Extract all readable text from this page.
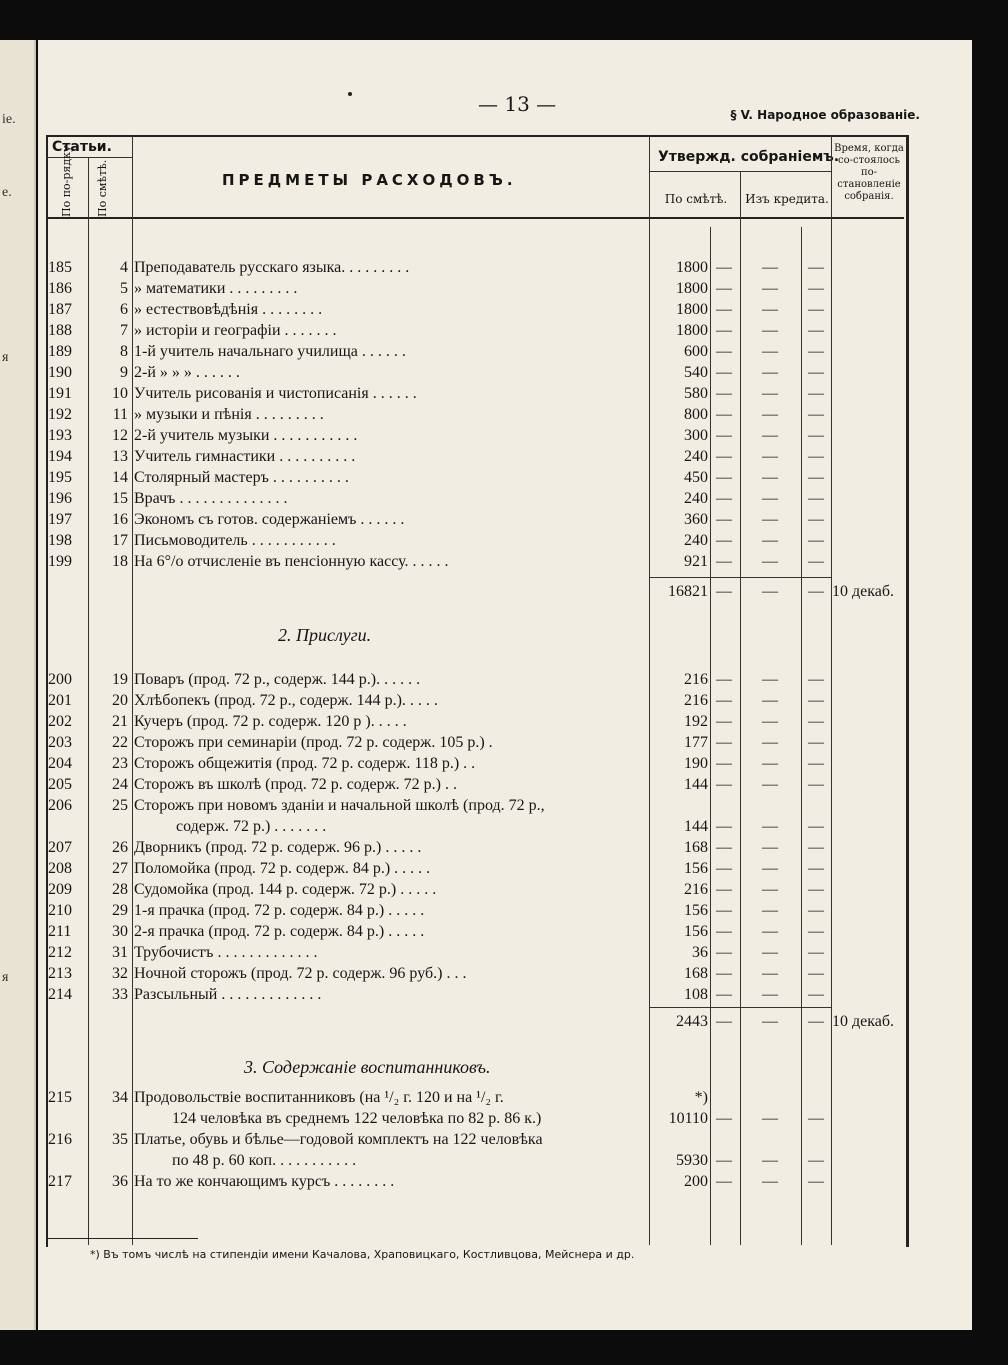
іе.
е.
я
я
— 13 —	§ V. Народное образованіе.
Статьи.
По по-рядку По смѣтѣ.	ПРЕДМЕТЫ РАСХОДОВЪ.
Утвержд. собраніемъ.
По смѣтѣ.	Изъ кредита.
Время, когда со-стоялось по-становленіе собранія.
185	4 Преподаватель русскаго языка. . . . . . . . .	1800 — — —
186	5 » математики . . . . . . . . .	1800 — — —
187	6 » естествовѣдѣнія . . . . . . . .	1800 — — —
188	7 » исторіи и географіи . . . . . . .	1800 — — —
189	8 1-й учитель начальнаго училища . . . . . .	600 — — —
190	9 2-й » » » . . . . . .	540 — — —
191	10 Учитель рисованія и чистописанія . . . . . .	580 — — —
192	11 » музыки и пѣнія . . . . . . . . .	800 — — —
193	12 2-й учитель музыки . . . . . . . . . . .	300 — — —
194	13 Учитель гимнастики . . . . . . . . . .	240 — — —
195	14 Столярный мастеръ . . . . . . . . . .	450 — — —
196	15 Врачъ . . . . . . . . . . . . . .	240 — — —
197	16 Экономъ съ готов. содержаніемъ . . . . . .	360 — — —
198	17 Письмоводитель . . . . . . . . . . .	240 — — —
199	18 На 6°/о отчисленіе въ пенсіонную кассу. . . . . .	921 — — —
16821 — — — 10 декаб.
2. Прислуги.
200	19 Поваръ (прод. 72 р., содерж. 144 р.). . . . . .	216 — — —
201	20 Хлѣбопекъ (прод. 72 р., содерж. 144 р.). . . . .	216 — — —
202	21 Кучеръ (прод. 72 р. содерж. 120 р ). . . . .	192 — — —
203	22 Сторожъ при семинаріи (прод. 72 р. содерж. 105 р.) .	177 — — —
204	23 Сторожъ общежитія (прод. 72 р. содерж. 118 р.) . .	190 — — —
205	24 Сторожъ въ школѣ (прод. 72 р. содерж. 72 р.) . .	144 — — —
206	25 Сторожъ при новомъ зданіи и начальной школѣ (прод. 72 р.,
содерж. 72 р.) . . . . . . .	144 — — —
207	26 Дворникъ (прод. 72 р. содерж. 96 р.) . . . . .	168 — — —
208	27 Поломойка (прод. 72 р. содерж. 84 р.) . . . . .	156 — — —
209	28 Судомойка (прод. 144 р. содерж. 72 р.) . . . . .	216 — — —
210	29 1-я прачка (прод. 72 р. содерж. 84 р.) . . . . .	156 — — —
211	30 2-я прачка (прод. 72 р. содерж. 84 р.) . . . . .	156 — — —
212	31 Трубочистъ . . . . . . . . . . . . .	36 — — —
213	32 Ночной сторожъ (прод. 72 р. содерж. 96 руб.) . . .	168 — — —
214	33 Разсыльный . . . . . . . . . . . . .	108 — — —
2443 — — — 10 декаб.
3. Содержаніе воспитанниковъ.
215	34 Продовольствіе воспитанниковъ (на ¹/₂ г. 120 и на ¹/₂ г.
124 человѣка въ среднемъ 122 человѣка по 82 р. 86 к.)
*)
10110 — — —
216	35 Платье, обувь и бѣлье—годовой комплектъ на 122 человѣка
по 48 р. 60 коп. . . . . . . . . . .	5930 — — —
217	36 На то же кончающимъ курсъ . . . . . . . .	200 — — —
*) Въ томъ числѣ на стипендіи имени Качалова, Храповицкаго, Костливцова, Мейснера и др.
